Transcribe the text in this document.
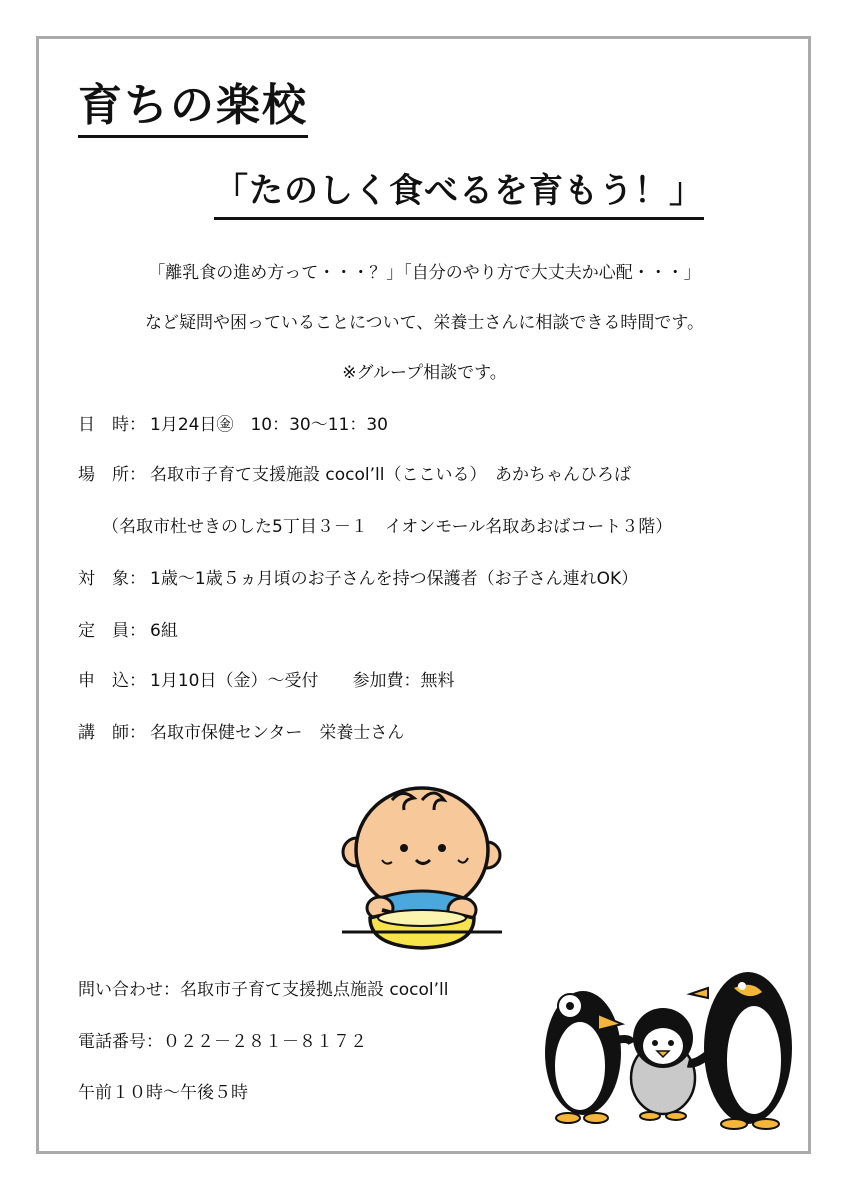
育ちの楽校
「たのしく食べるを育もう！」
「離乳食の進め方って・・・？」「自分のやり方で大丈夫か心配・・・」
など疑問や困っていることについて、栄養士さんに相談できる時間です。
※グループ相談です。
日　時： 1月24日㊎　10：30～11：30
場　所： 名取市子育て支援施設 cocol’ll（ここいる）　あかちゃんひろば
（名取市杜せきのした5丁目３－１　イオンモール名取あおばコート３階）
対　象： 1歳～1歳５ヵ月頃のお子さんを持つ保護者（お子さん連れOK）
定　員： 6組
申　込： 1月10日（金）～受付　　参加費：無料
講　師： 名取市保健センター　栄養士さん
問い合わせ：名取市子育て支援拠点施設 cocol’ll
電話番号：０２２－２８１－８１７２
午前１０時～午後５時
